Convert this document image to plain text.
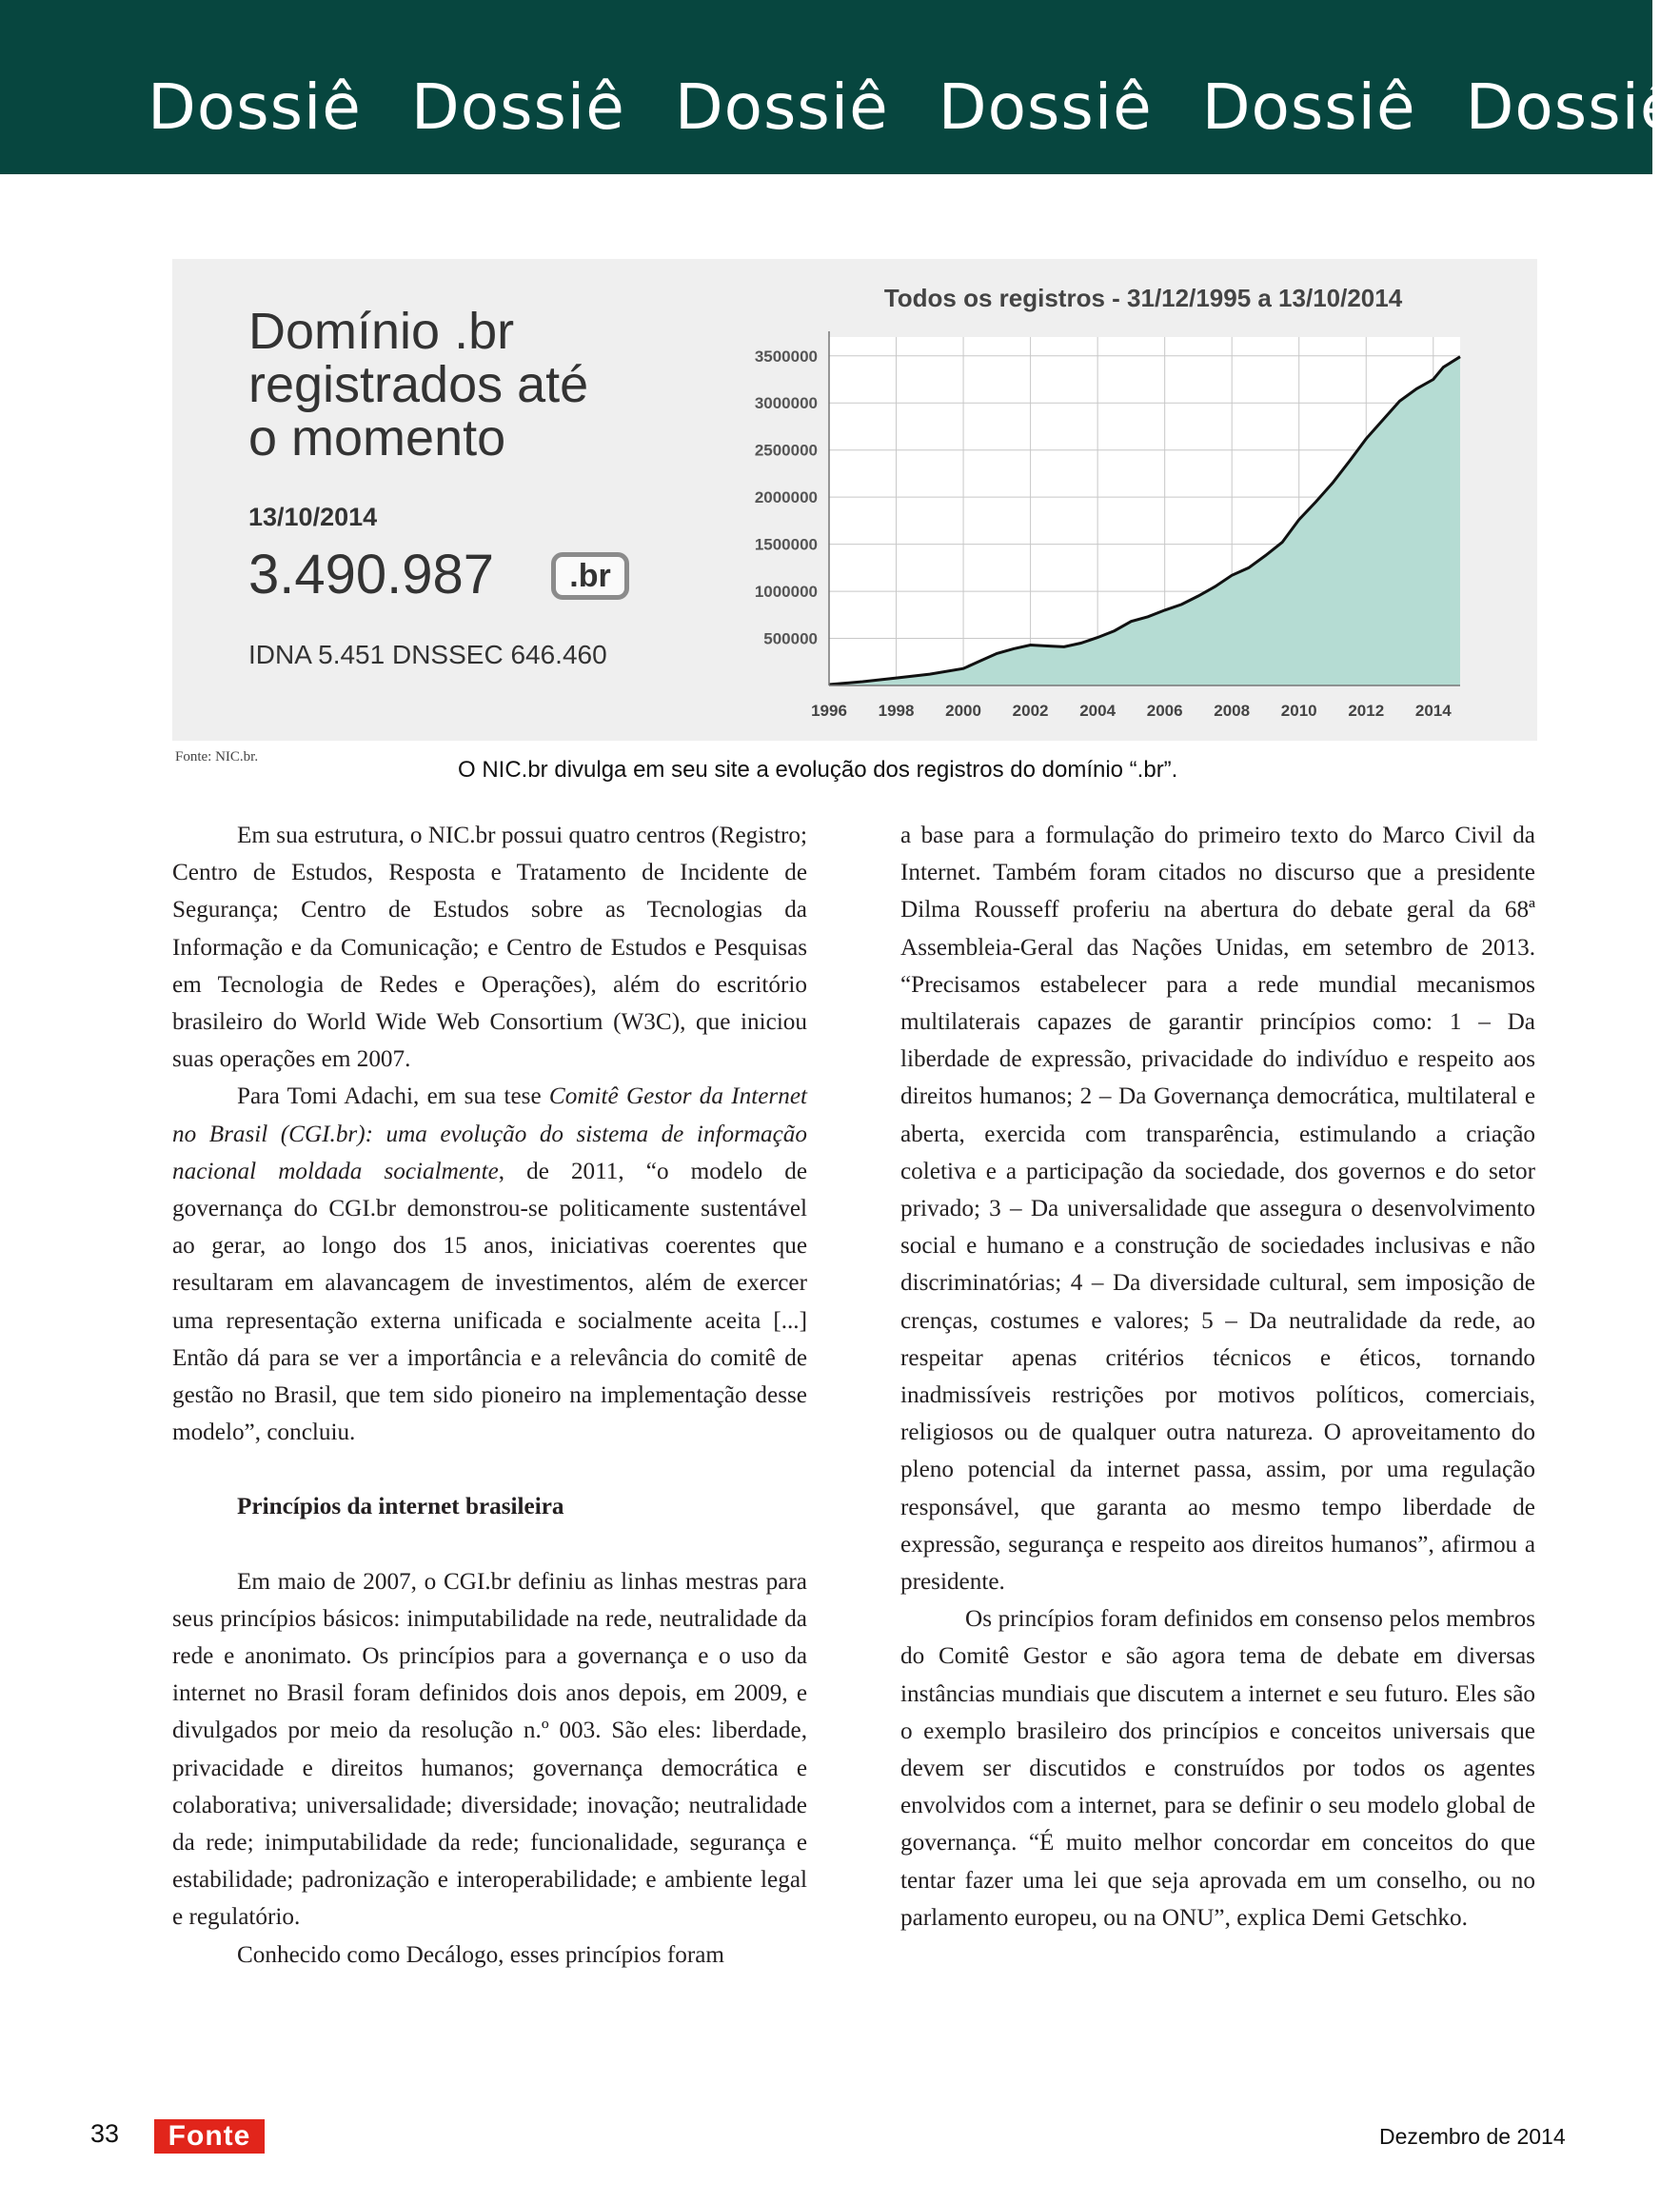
Dossiê Dossiê Dossiê Dossiê Dossiê Dossiê
Domínio .br
registrados até
o momento
13/10/2014
3.490.987	.br
IDNA 5.451 DNSSEC 646.460
500000
1000000
1500000
2000000
2500000
3000000
3500000
1996 1998 2000 2002 2004 2006 2008 2010 2012 2014
Todos os registros - 31/12/1995 a 13/10/2014
Fonte: NIC.br.	O NIC.br divulga em seu site a evolução dos registros do domínio “.br”.

Em sua estrutura, o NIC.br possui quatro centros (Registro; Centro de Estudos, Resposta e Tratamento de Incidente de Segurança; Centro de Estudos sobre as Tecnologias da Informação e da Comunicação; e Centro de Estudos e Pesquisas em Tecnologia de Redes e Operações), além do escritório brasileiro do World Wide Web Consortium (W3C), que iniciou suas operações em 2007.

Para Tomi Adachi, em sua tese Comitê Gestor da Internet no Brasil (CGI.br): uma evolução do sistema de informação nacional moldada socialmente, de 2011, “o modelo de governança do CGI.br demonstrou-se politicamente sustentável ao gerar, ao longo dos 15 anos, iniciativas coerentes que resultaram em alavancagem de investimentos, além de exercer uma representação externa unificada e socialmente aceita [...] Então dá para se ver a importância e a relevância do comitê de gestão no Brasil, que tem sido pioneiro na implementação desse modelo”, concluiu.

Princípios da internet brasileira

Em maio de 2007, o CGI.br definiu as linhas mestras para seus princípios básicos: inimputabilidade na rede, neutralidade da rede e anonimato. Os princípios para a governança e o uso da internet no Brasil foram definidos dois anos depois, em 2009, e divulgados por meio da resolução n.º 003. São eles: liberdade, privacidade e direitos humanos; governança democrática e colaborativa; universalidade; diversidade; inovação; neutralidade da rede; inimputabilidade da rede; funcionalidade, segurança e estabilidade; padronização e interoperabilidade; e ambiente legal e regulatório.

Conhecido como Decálogo, esses princípios foram

a base para a formulação do primeiro texto do Marco Civil da Internet. Também foram citados no discurso que a presidente Dilma Rousseff proferiu na abertura do debate geral da 68ª Assembleia-Geral das Nações Unidas, em setembro de 2013. “Precisamos estabelecer para a rede mundial mecanismos multilaterais capazes de garantir princípios como: 1 – Da liberdade de expressão, privacidade do indivíduo e respeito aos direitos humanos; 2 – Da Governança democrática, multilateral e aberta, exercida com transparência, estimulando a criação coletiva e a participação da sociedade, dos governos e do setor privado; 3 – Da universalidade que assegura o desenvolvimento social e humano e a construção de sociedades inclusivas e não discriminatórias; 4 – Da diversidade cultural, sem imposição de crenças, costumes e valores; 5 – Da neutralidade da rede, ao respeitar apenas critérios técnicos e éticos, tornando inadmissíveis restrições por motivos políticos, comerciais, religiosos ou de qualquer outra natureza. O aproveitamento do pleno potencial da internet passa, assim, por uma regulação responsável, que garanta ao mesmo tempo liberdade de expressão, segurança e respeito aos direitos humanos”, afirmou a presidente.

Os princípios foram definidos em consenso pelos membros do Comitê Gestor e são agora tema de debate em diversas instâncias mundiais que discutem a internet e seu futuro. Eles são o exemplo brasileiro dos princípios e conceitos universais que devem ser discutidos e construídos por todos os agentes envolvidos com a internet, para se definir o seu modelo global de governança. “É muito melhor concordar em conceitos do que tentar fazer uma lei que seja aprovada em um conselho, ou no parlamento europeu, ou na ONU”, explica Demi Getschko.

33	Fonte	Dezembro de 2014
